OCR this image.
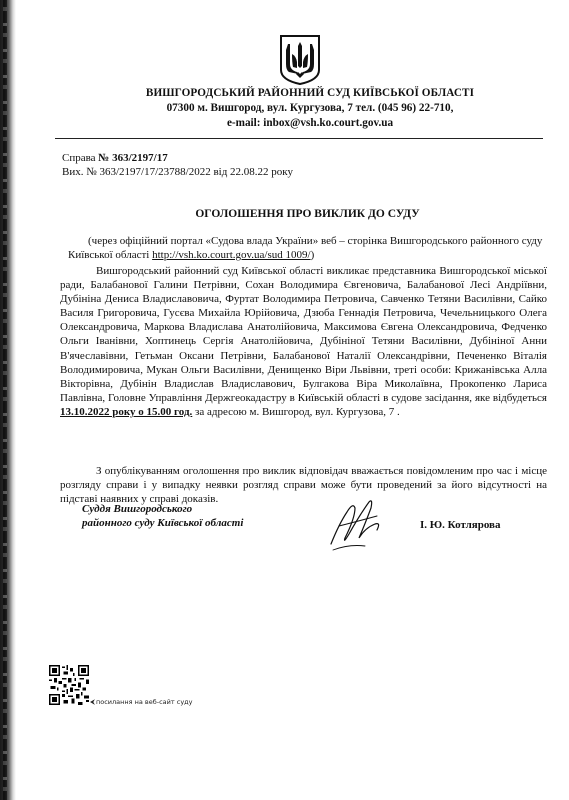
ВИШГОРОДСЬКИЙ РАЙОННИЙ СУД КИЇВСЬКОЇ ОБЛАСТІ
07300 м. Вишгород, вул. Кургузова, 7 тел. (045 96) 22-710,
e-mail: inbox@vsh.ko.court.gov.ua
Справа № 363/2197/17
Вих. № 363/2197/17/23788/2022 від 22.08.22 року
ОГОЛОШЕННЯ ПРО ВИКЛИК ДО СУДУ
(через офіційний портал «Судова влада України» веб – сторінка Вишгородського районного суду Київської області http://vsh.ko.court.gov.ua/sud 1009/)
Вишгородський районний суд Київської області викликає представника Вишгородської міської ради, Балабанової Галини Петрівни, Сохан Володимира Євгеновича, Балабанової Лесі Андріївни, Дубініна Дениса Владиславовича, Фуртат Володимира Петровича, Савченко Тетяни Василівни, Сайко Василя Григоровича, Гусєва Михайла Юрійовича, Дзюба Геннадія Петровича, Чечельницького Олега Олександровича, Маркова Владислава Анатолійовича, Максимова Євгена Олександровича, Федченко Ольги Іванівни, Хоптинець Сергія Анатолійовича, Дубініної Тетяни Василівни, Дубініної Анни В'ячеславівни, Гетьман Оксани Петрівни, Балабанової Наталії Олександрівни, Печененко Віталія Володимировича, Мукан Ольги Василівни, Денищенко Віри Львівни, треті особи: Крижанівська Алла Вікторівна, Дубінін Владислав Владиславович, Булгакова Віра Миколаївна, Прокопенко Лариса Павлівна, Головне Управління Держгеокадастру в Київській області в судове засідання, яке відбудеться 13.10.2022 року о 15.00 год. за адресою м. Вишгород, вул. Кургузова, 7 .
З опублікуванням оголошення про виклик відповідач вважається повідомленим про час і місце розгляду справи і у випадку неявки розгляд справи може бути проведений за його відсутності на підставі наявних у справі доказів.
Суддя Вишгородського
районного суду Київської області	І. Ю. Котлярова
⮜посилання на веб-сайт суду
